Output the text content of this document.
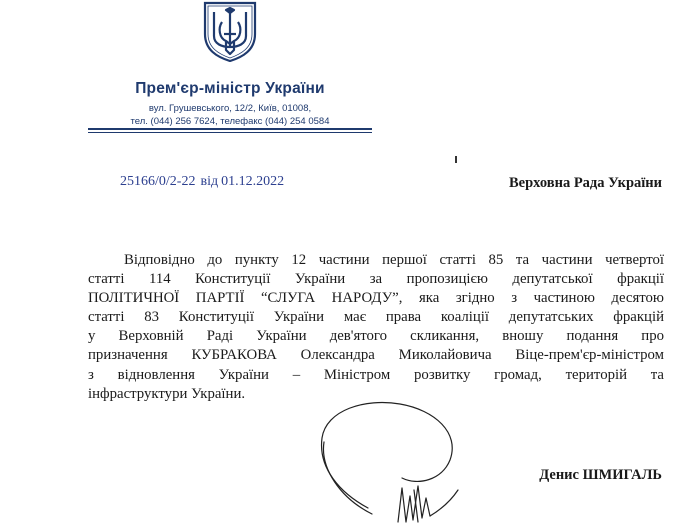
Прем'єр-міністр України
вул. Грушевського, 12/2, Київ, 01008,
тел. (044) 256 7624, телефакс (044) 254 0584
25166/0/2-22 від 01.12.2022	Верховна Рада України
Відповідно до пункту 12 частини першої статті 85 та частини четвертої
статті 114 Конституції України за пропозицією депутатської фракції
ПОЛІТИЧНОЇ ПАРТІЇ “СЛУГА НАРОДУ”, яка згідно з частиною десятою
статті 83 Конституції України має права коаліції депутатських фракцій
у Верховній Раді України дев'ятого скликання, вношу подання про
призначення КУБРАКОВА Олександра Миколайовича Віце-прем'єр-міністром
з відновлення України – Міністром розвитку громад, територій та
інфраструктури України.
Денис ШМИГАЛЬ
